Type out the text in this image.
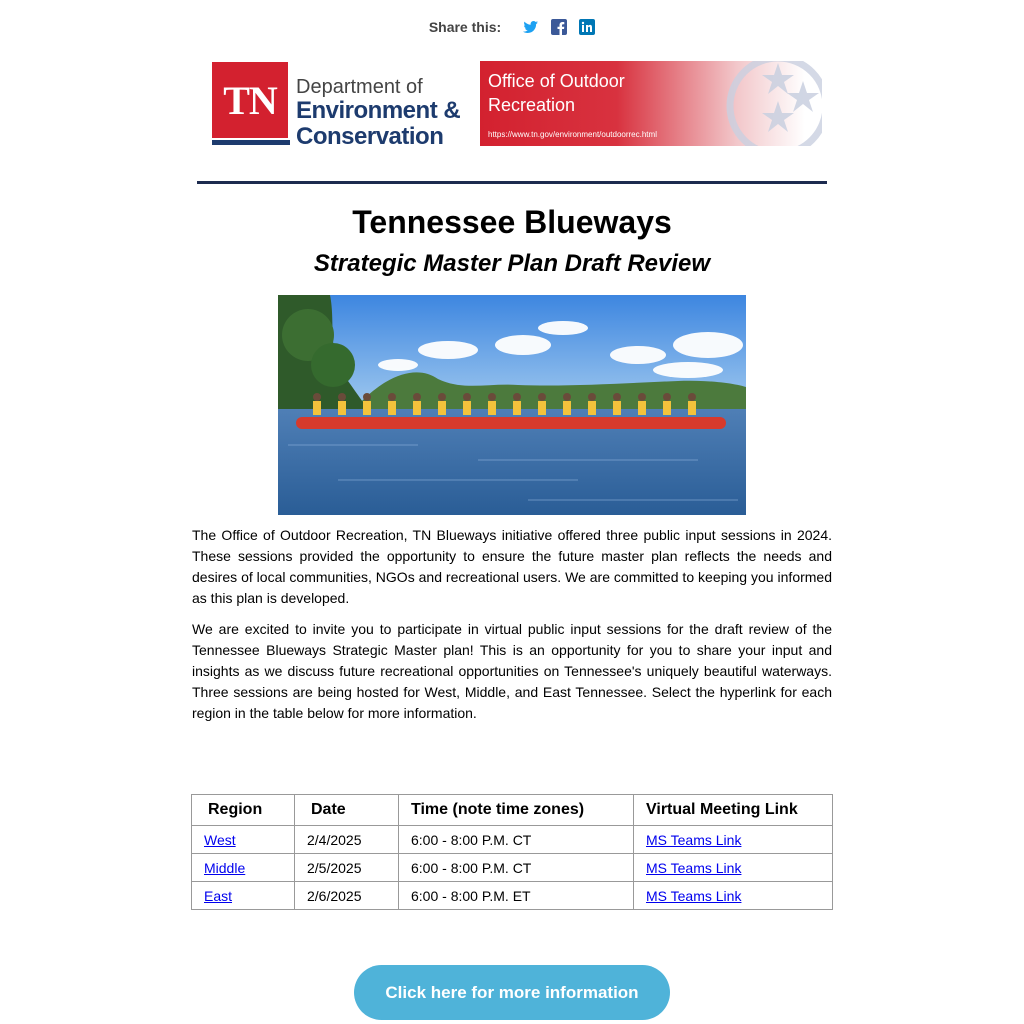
Share this:
TN Department of
Environment &
Conservation
Office of Outdoor
Recreation
https://www.tn.gov/environment/outdoorrec.html
Tennessee Blueways
Strategic Master Plan Draft Review
The Office of Outdoor Recreation, TN Blueways initiative offered three public input sessions in 2024. These sessions provided the opportunity to ensure the future master plan reflects the needs and desires of local communities, NGOs and recreational users. We are committed to keeping you informed as this plan is developed.
We are excited to invite you to participate in virtual public input sessions for the draft review of the Tennessee Blueways Strategic Master plan! This is an opportunity for you to share your input and insights as we discuss future recreational opportunities on Tennessee's uniquely beautiful waterways. Three sessions are being hosted for West, Middle, and East Tennessee. Select the hyperlink for each region in the table below for more information.
Region	Date	Time (note time zones)	Virtual Meeting Link
West	2/4/2025	6:00 - 8:00 P.M. CT	MS Teams Link
Middle	2/5/2025	6:00 - 8:00 P.M. CT	MS Teams Link
East	2/6/2025	6:00 - 8:00 P.M. ET	MS Teams Link
Click here for more information
